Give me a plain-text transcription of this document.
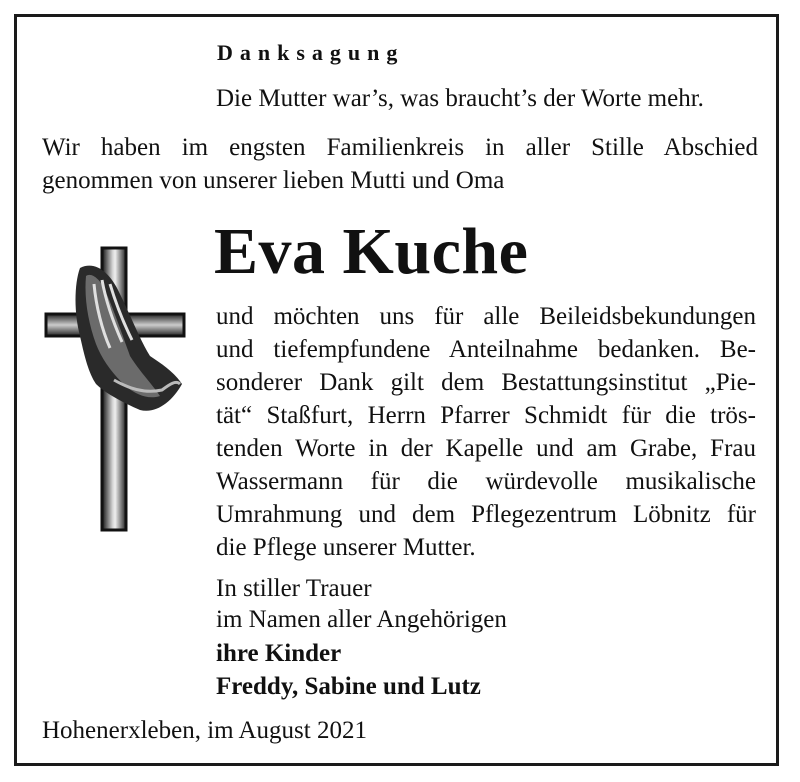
Danksagung
Die Mutter war’s, was braucht’s der Worte mehr.
Wir haben im engsten Familienkreis in aller Stille Abschied
genommen von unserer lieben Mutti und Oma
Eva Kuche
und möchten uns für alle Beileidsbekundungen
und tiefempfundene Anteilnahme bedanken. Be-
sonderer Dank gilt dem Bestattungsinstitut „Pie-
tät“ Staßfurt, Herrn Pfarrer Schmidt für die trös-
tenden Worte in der Kapelle und am Grabe, Frau
Wassermann für die würdevolle musikalische
Umrahmung und dem Pflegezentrum Löbnitz für
die Pflege unserer Mutter.
In stiller Trauer
im Namen aller Angehörigen
ihre Kinder
Freddy, Sabine und Lutz
Hohenerxleben, im August 2021
